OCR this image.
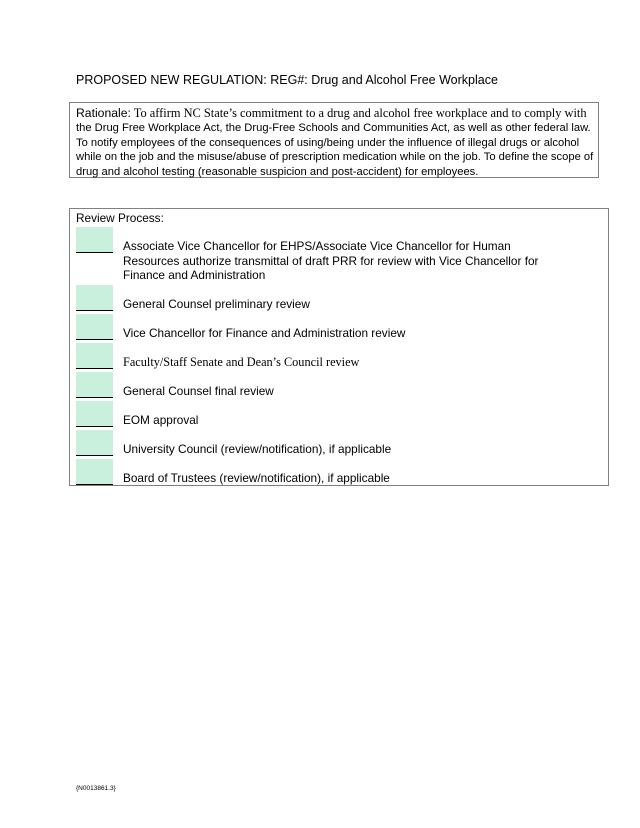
PROPOSED NEW REGULATION: REG#: Drug and Alcohol Free Workplace
Rationale: To affirm NC State’s commitment to a drug and alcohol free workplace and to comply with the Drug Free Workplace Act, the Drug-Free Schools and Communities Act, as well as other federal law. To notify employees of the consequences of using/being under the influence of illegal drugs or alcohol while on the job and the misuse/abuse of prescription medication while on the job. To define the scope of drug and alcohol testing (reasonable suspicion and post-accident) for employees.
Review Process:
Associate Vice Chancellor for EHPS/Associate Vice Chancellor for Human Resources authorize transmittal of draft PRR for review with Vice Chancellor for Finance and Administration
General Counsel preliminary review
Vice Chancellor for Finance and Administration review
Faculty/Staff Senate and Dean’s Council review
General Counsel final review
EOM approval
University Council (review/notification), if applicable
Board of Trustees (review/notification), if applicable
{N0013861.3}
